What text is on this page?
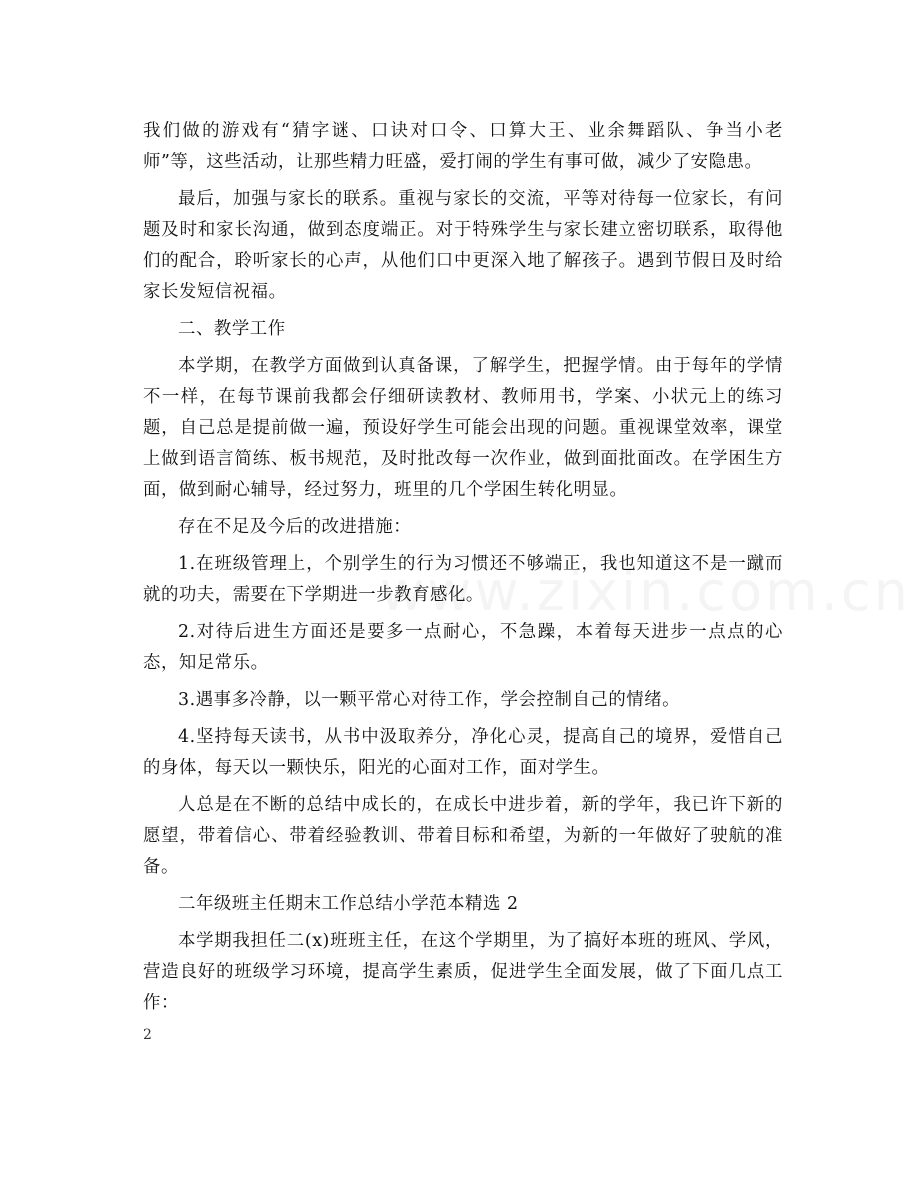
我们做的游戏有“猜字谜、口诀对口令、口算大王、业余舞蹈队、争当小老师”等，这些活动，让那些精力旺盛，爱打闹的学生有事可做，减少了安隐患。

最后，加强与家长的联系。重视与家长的交流，平等对待每一位家长，有问题及时和家长沟通，做到态度端正。对于特殊学生与家长建立密切联系，取得他们的配合，聆听家长的心声，从他们口中更深入地了解孩子。遇到节假日及时给家长发短信祝福。

二、教学工作

本学期，在教学方面做到认真备课，了解学生，把握学情。由于每年的学情不一样，在每节课前我都会仔细研读教材、教师用书，学案、小状元上的练习题，自己总是提前做一遍，预设好学生可能会出现的问题。重视课堂效率，课堂上做到语言简练、板书规范，及时批改每一次作业，做到面批面改。在学困生方面，做到耐心辅导，经过努力，班里的几个学困生转化明显。

存在不足及今后的改进措施：

1.在班级管理上，个别学生的行为习惯还不够端正，我也知道这不是一蹴而就的功夫，需要在下学期进一步教育感化。

2.对待后进生方面还是要多一点耐心，不急躁，本着每天进步一点点的心态，知足常乐。

3.遇事多冷静，以一颗平常心对待工作，学会控制自己的情绪。

4.坚持每天读书，从书中汲取养分，净化心灵，提高自己的境界，爱惜自己的身体，每天以一颗快乐，阳光的心面对工作，面对学生。

人总是在不断的总结中成长的，在成长中进步着，新的学年，我已许下新的愿望，带着信心、带着经验教训、带着目标和希望，为新的一年做好了驶航的准备。

二年级班主任期末工作总结小学范本精选 2

本学期我担任二(x)班班主任，在这个学期里，为了搞好本班的班风、学风，营造良好的班级学习环境，提高学生素质，促进学生全面发展，做了下面几点工作：

2
